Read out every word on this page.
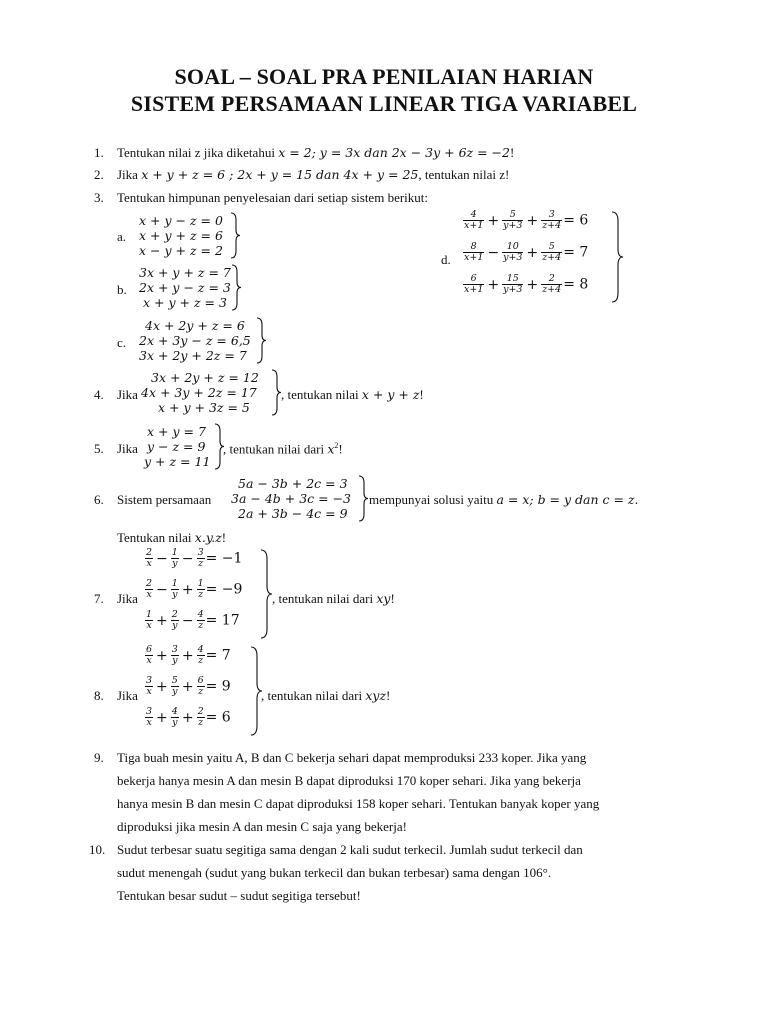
SOAL – SOAL PRA PENILAIAN HARIAN
SISTEM PERSAMAAN LINEAR TIGA VARIABEL
1. Tentukan nilai z jika diketahui x = 2; y = 3x dan 2x − 3y + 6z = −2!
2. Jika x + y + z = 6 ; 2x + y = 15 dan 4x + y = 25, tentukan nilai z!
3. Tentukan himpunan penyelesaian dari setiap sistem berikut:
a.
x + y − z = 0
x + y + z = 6
x − y + z = 2
b.
3x + y + z = 7
2x + y − z = 3
x + y + z = 3
c.
4x + 2y + z = 6
2x + 3y − z = 6,5
3x + 2y + 2z = 7
d.
$\frac{4}{x+1} + \frac{5}{y+3} + \frac{3}{z+4} = 6$
$\frac{8}{x+1} - \frac{10}{y+3} + \frac{5}{z+4} = 7$
$\frac{6}{x+1} + \frac{15}{y+3} + \frac{2}{z+4} = 8$
4. Jika
3x + 2y + z = 12
4x + 3y + 2z = 17
x + y + 3z = 5
, tentukan nilai x + y + z!
5. Jika
x + y = 7
y − z = 9
y + z = 11
, tentukan nilai dari $x^2$!
6. Sistem persamaan
5a − 3b + 2c = 3
3a − 4b + 3c = −3
2a + 3b − 4c = 9
mempunyai solusi yaitu a = x; b = y dan c = z.
Tentukan nilai x.y.z!
7. Jika
$\frac{2}{x} - \frac{1}{y} - \frac{3}{z} = -1$
$\frac{2}{x} - \frac{1}{y} + \frac{1}{z} = -9$
$\frac{1}{x} + \frac{2}{y} - \frac{4}{z} = 17$
, tentukan nilai dari xy!
8. Jika
$\frac{6}{x} + \frac{3}{y} + \frac{4}{z} = 7$
$\frac{3}{x} + \frac{5}{y} + \frac{6}{z} = 9$
$\frac{3}{x} + \frac{4}{y} + \frac{2}{z} = 6$
, tentukan nilai dari xyz!
9. Tiga buah mesin yaitu A, B dan C bekerja sehari dapat memproduksi 233 koper. Jika yang
bekerja hanya mesin A dan mesin B dapat diproduksi 170 koper sehari. Jika yang bekerja
hanya mesin B dan mesin C dapat diproduksi 158 koper sehari. Tentukan banyak koper yang
diproduksi jika mesin A dan mesin C saja yang bekerja!
10. Sudut terbesar suatu segitiga sama dengan 2 kali sudut terkecil. Jumlah sudut terkecil dan
sudut menengah (sudut yang bukan terkecil dan bukan terbesar) sama dengan 106°.
Tentukan besar sudut – sudut segitiga tersebut!
